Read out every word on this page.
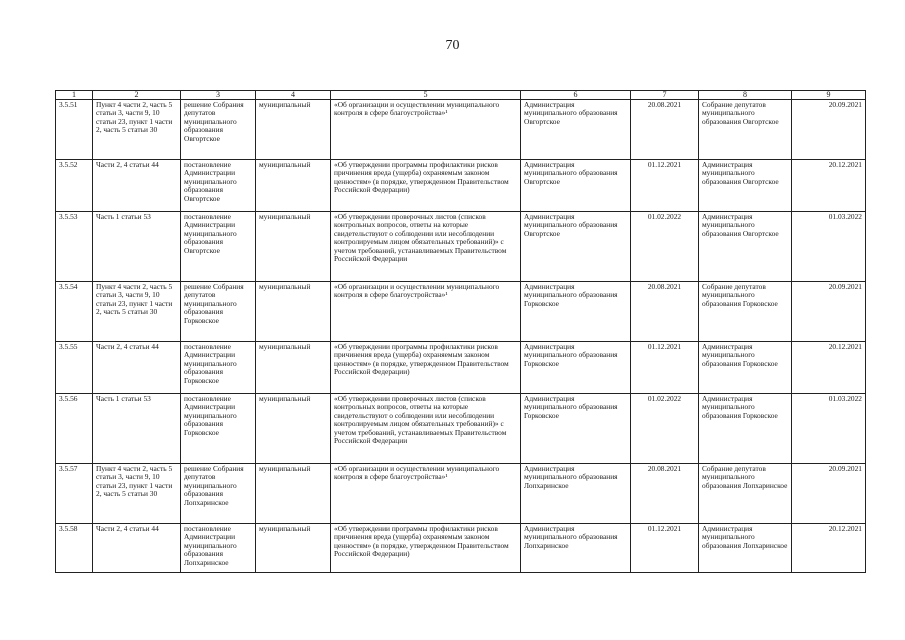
70
1	2	3	4	5	6	7	8	9
3.5.51	Пункт 4 части 2, часть 5 статьи 3, части 9, 10 статьи 23, пункт 1 части 2, часть 5 статьи 30	решение Собрания депутатов муниципального образования Овгортское	муниципальный	«Об организации и осуществлении муниципального контроля в сфере благоустройства»¹	Администрация муниципального образования Овгортское	20.08.2021	Собрание депутатов муниципального образования Овгортское	20.09.2021
3.5.52	Части 2, 4 статьи 44	постановление Администрации муниципального образования Овгортское	муниципальный	«Об утверждении программы профилактики рисков причинения вреда (ущерба) охраняемым законом ценностям» (в порядке, утвержденном Правительством Российской Федерации)	Администрация муниципального образования Овгортское	01.12.2021	Администрация муниципального образования Овгортское	20.12.2021
3.5.53	Часть 1 статьи 53	постановление Администрации муниципального образования Овгортское	муниципальный	«Об утверждении проверочных листов (списков контрольных вопросов, ответы на которые свидетельствуют о соблюдении или несоблюдении контролируемым лицом обязательных требований)» с учетом требований, устанавливаемых Правительством Российской Федерации	Администрация муниципального образования Овгортское	01.02.2022	Администрация муниципального образования Овгортское	01.03.2022
3.5.54	Пункт 4 части 2, часть 5 статьи 3, части 9, 10 статьи 23, пункт 1 части 2, часть 5 статьи 30	решение Собрания депутатов муниципального образования Горковское	муниципальный	«Об организации и осуществлении муниципального контроля в сфере благоустройства»¹	Администрация муниципального образования Горковское	20.08.2021	Собрание депутатов муниципального образования Горковское	20.09.2021
3.5.55	Части 2, 4 статьи 44	постановление Администрации муниципального образования Горковское	муниципальный	«Об утверждении программы профилактики рисков причинения вреда (ущерба) охраняемым законом ценностям» (в порядке, утвержденном Правительством Российской Федерации)	Администрация муниципального образования Горковское	01.12.2021	Администрация муниципального образования Горковское	20.12.2021
3.5.56	Часть 1 статьи 53	постановление Администрации муниципального образования Горковское	муниципальный	«Об утверждении проверочных листов (списков контрольных вопросов, ответы на которые свидетельствуют о соблюдении или несоблюдении контролируемым лицом обязательных требований)» с учетом требований, устанавливаемых Правительством Российской Федерации	Администрация муниципального образования Горковское	01.02.2022	Администрация муниципального образования Горковское	01.03.2022
3.5.57	Пункт 4 части 2, часть 5 статьи 3, части 9, 10 статьи 23, пункт 1 части 2, часть 5 статьи 30	решение Собрания депутатов муниципального образования Лопхаринское	муниципальный	«Об организации и осуществлении муниципального контроля в сфере благоустройства»¹	Администрация муниципального образования Лопхаринское	20.08.2021	Собрание депутатов муниципального образования Лопхаринское	20.09.2021
3.5.58	Части 2, 4 статьи 44	постановление Администрации муниципального образования Лопхаринское	муниципальный	«Об утверждении программы профилактики рисков причинения вреда (ущерба) охраняемым законом ценностям» (в порядке, утвержденном Правительством Российской Федерации)	Администрация муниципального образования Лопхаринское	01.12.2021	Администрация муниципального образования Лопхаринское	20.12.2021
